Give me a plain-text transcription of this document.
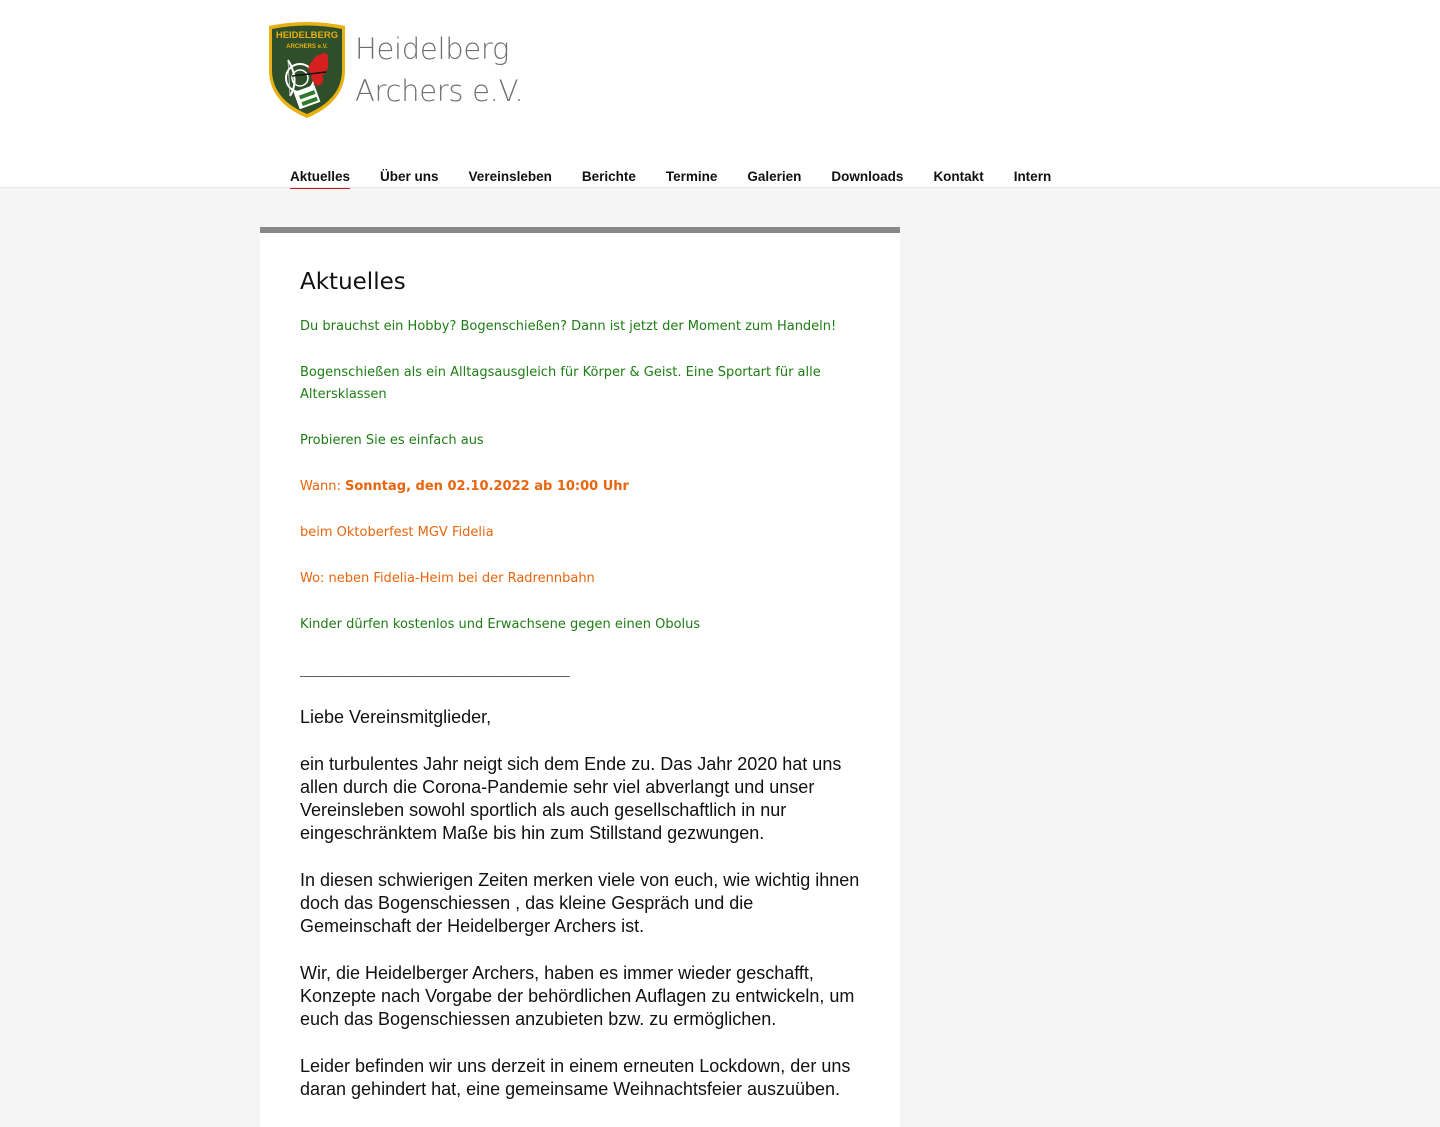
HEIDELBERG
ARCHERS e.V. Heidelberg
Archers e.V.
Aktuelles Über uns Vereinsleben Berichte Termine Galerien Downloads Kontakt Intern
Aktuelles

Du brauchst ein Hobby? Bogenschießen? Dann ist jetzt der Moment zum Handeln!

Bogenschießen als ein Alltagsausgleich für Körper & Geist. Eine Sportart für alle Altersklassen

Probieren Sie es einfach aus

Wann: Sonntag, den 02.10.2022 ab 10:00 Uhr

beim Oktoberfest MGV Fidelia

Wo: neben Fidelia-Heim bei der Radrennbahn

Kinder dürfen kostenlos und Erwachsene gegen einen Obolus

________________________________________________

Liebe Vereinsmitglieder,

ein turbulentes Jahr neigt sich dem Ende zu. Das Jahr 2020 hat uns allen durch die Corona-Pandemie sehr viel abverlangt und unser Vereinsleben sowohl sportlich als auch gesellschaftlich in nur eingeschränktem Maße bis hin zum Stillstand gezwungen.

In diesen schwierigen Zeiten merken viele von euch, wie wichtig ihnen doch das Bogenschiessen , das kleine Gespräch und die Gemeinschaft der Heidelberger Archers ist.

Wir, die Heidelberger Archers, haben es immer wieder geschafft, Konzepte nach Vorgabe der behördlichen Auflagen zu entwickeln, um euch das Bogenschiessen anzubieten bzw. zu ermöglichen.

Leider befinden wir uns derzeit in einem erneuten Lockdown, der uns daran gehindert hat, eine gemeinsame Weihnachtsfeier auszuüben.
